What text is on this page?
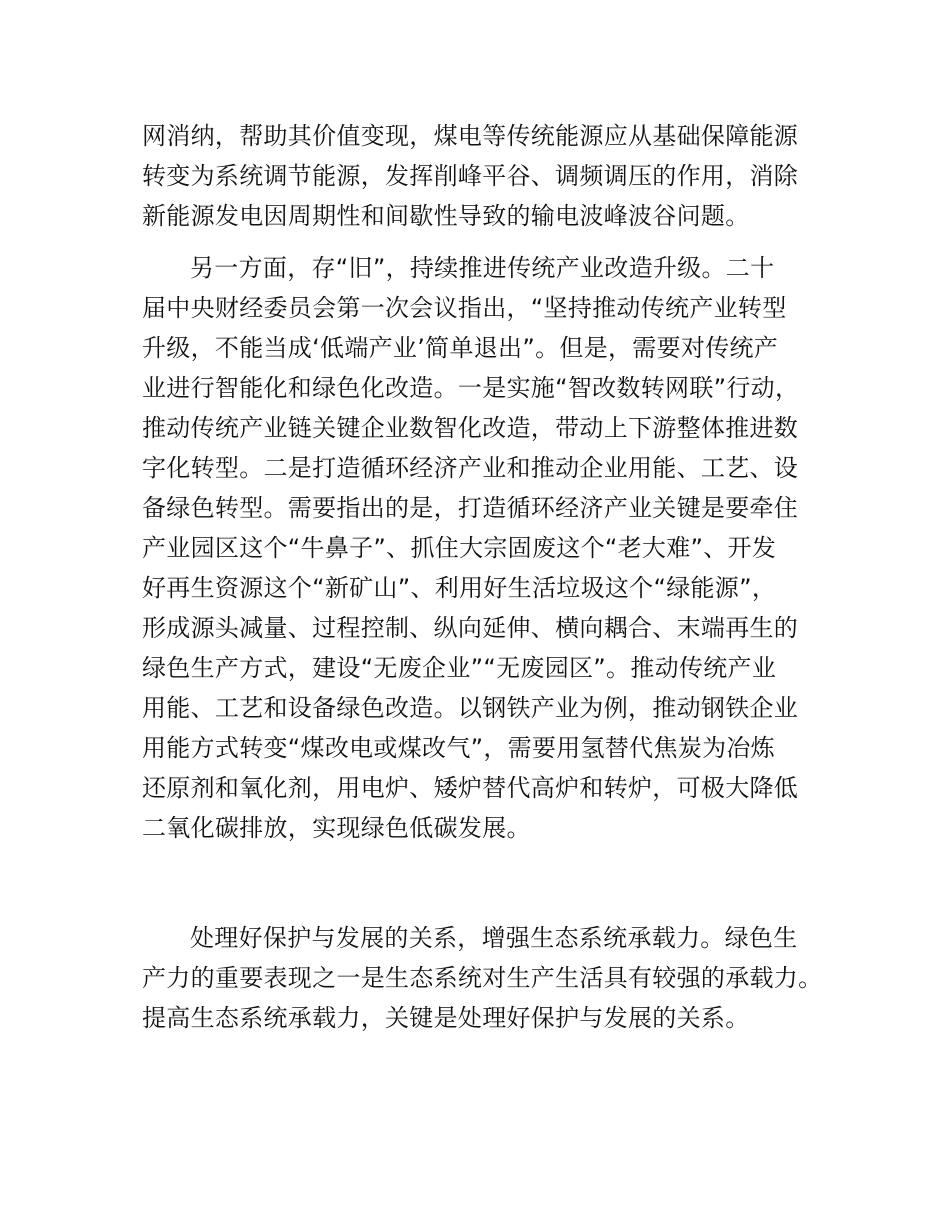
网消纳，帮助其价值变现，煤电等传统能源应从基础保障能源
转变为系统调节能源，发挥削峰平谷、调频调压的作用，消除
新能源发电因周期性和间歇性导致的输电波峰波谷问题。
另一方面，存“旧”，持续推进传统产业改造升级。二十
届中央财经委员会第一次会议指出，“坚持推动传统产业转型
升级，不能当成‘低端产业’简单退出”。但是，需要对传统产
业进行智能化和绿色化改造。一是实施“智改数转网联”行动，
推动传统产业链关键企业数智化改造，带动上下游整体推进数
字化转型。二是打造循环经济产业和推动企业用能、工艺、设
备绿色转型。需要指出的是，打造循环经济产业关键是要牵住
产业园区这个“牛鼻子”、抓住大宗固废这个“老大难”、开发
好再生资源这个“新矿山”、利用好生活垃圾这个“绿能源”，
形成源头减量、过程控制、纵向延伸、横向耦合、末端再生的
绿色生产方式，建设“无废企业”“无废园区”。推动传统产业
用能、工艺和设备绿色改造。以钢铁产业为例，推动钢铁企业
用能方式转变“煤改电或煤改气”，需要用氢替代焦炭为冶炼
还原剂和氧化剂，用电炉、矮炉替代高炉和转炉，可极大降低
二氧化碳排放，实现绿色低碳发展。
处理好保护与发展的关系，增强生态系统承载力。绿色生
产力的重要表现之一是生态系统对生产生活具有较强的承载力。
提高生态系统承载力，关键是处理好保护与发展的关系。
